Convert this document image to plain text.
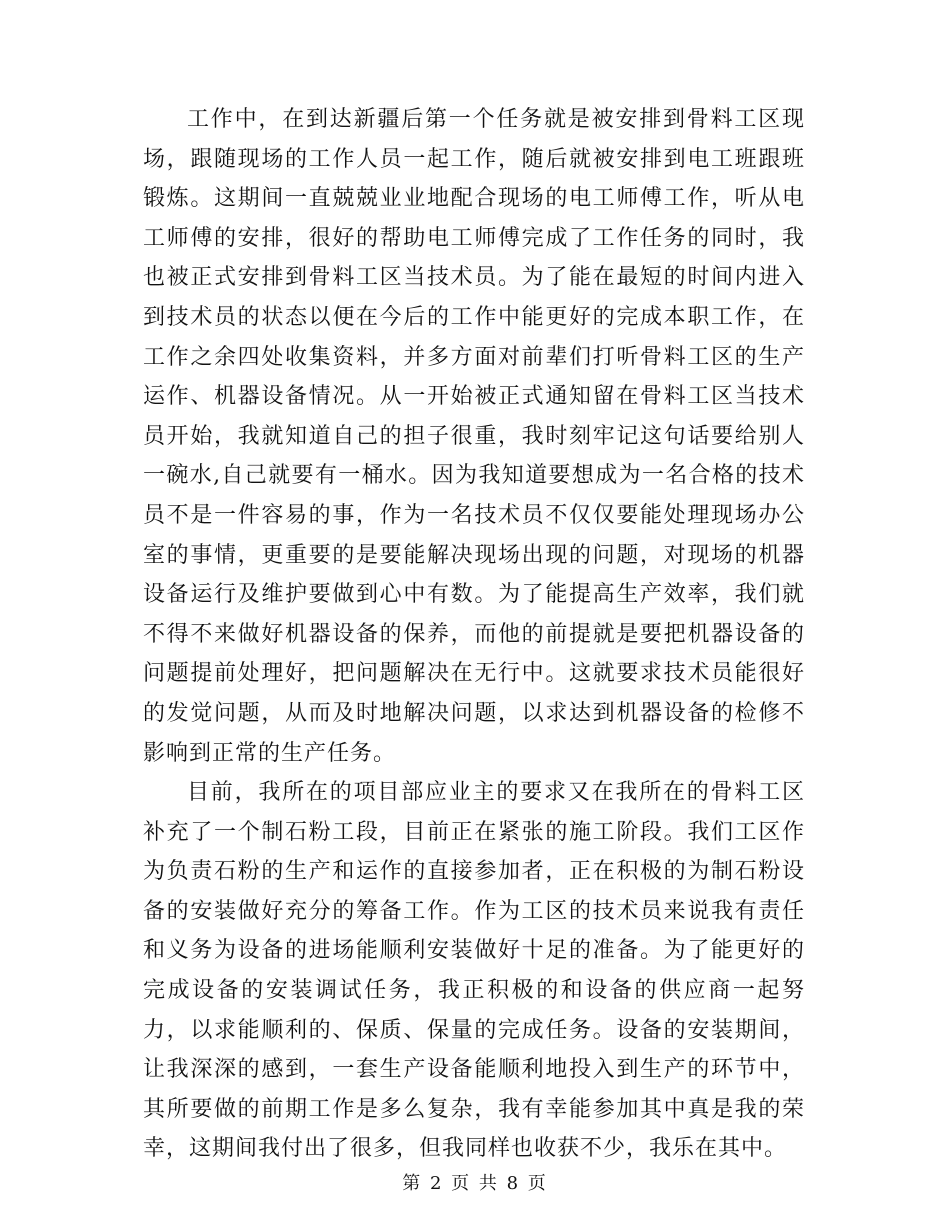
工作中，在到达新疆后第一个任务就是被安排到骨料工区现场，跟随现场的工作人员一起工作，随后就被安排到电工班跟班锻炼。这期间一直兢兢业业地配合现场的电工师傅工作，听从电工师傅的安排，很好的帮助电工师傅完成了工作任务的同时，我也被正式安排到骨料工区当技术员。为了能在最短的时间内进入到技术员的状态以便在今后的工作中能更好的完成本职工作，在工作之余四处收集资料，并多方面对前辈们打听骨料工区的生产运作、机器设备情况。从一开始被正式通知留在骨料工区当技术员开始，我就知道自己的担子很重，我时刻牢记这句话要给别人一碗水,自己就要有一桶水。因为我知道要想成为一名合格的技术员不是一件容易的事，作为一名技术员不仅仅要能处理现场办公室的事情，更重要的是要能解决现场出现的问题，对现场的机器设备运行及维护要做到心中有数。为了能提高生产效率，我们就不得不来做好机器设备的保养，而他的前提就是要把机器设备的问题提前处理好，把问题解决在无行中。这就要求技术员能很好的发觉问题，从而及时地解决问题，以求达到机器设备的检修不影响到正常的生产任务。

目前，我所在的项目部应业主的要求又在我所在的骨料工区补充了一个制石粉工段，目前正在紧张的施工阶段。我们工区作为负责石粉的生产和运作的直接参加者，正在积极的为制石粉设备的安装做好充分的筹备工作。作为工区的技术员来说我有责任和义务为设备的进场能顺利安装做好十足的准备。为了能更好的完成设备的安装调试任务，我正积极的和设备的供应商一起努力，以求能顺利的、保质、保量的完成任务。设备的安装期间，让我深深的感到，一套生产设备能顺利地投入到生产的环节中，其所要做的前期工作是多么复杂，我有幸能参加其中真是我的荣幸，这期间我付出了很多，但我同样也收获不少，我乐在其中。

第 2 页 共 8 页
